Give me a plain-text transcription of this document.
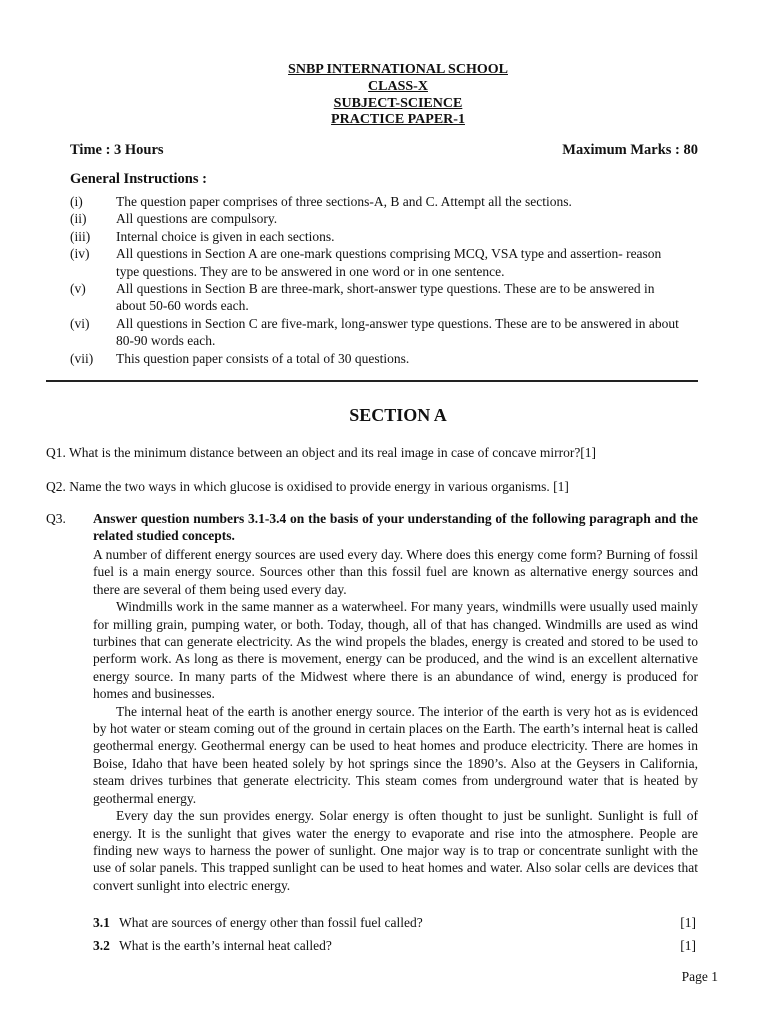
SNBP INTERNATIONAL SCHOOL
CLASS-X
SUBJECT-SCIENCE
PRACTICE PAPER-1
Time : 3 Hours	Maximum Marks : 80
General Instructions :
(i)	The question paper comprises of three sections-A, B and C. Attempt all the sections.
(ii)	All questions are compulsory.
(iii)	Internal choice is given in each sections.
(iv)	All questions in Section A are one-mark questions comprising MCQ, VSA type and assertion- reason type questions. They are to be answered in one word or in one sentence.
(v)	All questions in Section B are three-mark, short-answer type questions. These are to be answered in about 50-60 words each.
(vi)	All questions in Section C are five-mark, long-answer type questions. These are to be answered in about 80-90 words each.
(vii)	This question paper consists of a total of 30 questions.
SECTION A
Q1. What is the minimum distance between an object and its real image in case of concave mirror?[1]
Q2. Name the two ways in which glucose is oxidised to provide energy in various organisms. [1]
Q3. Answer question numbers 3.1-3.4 on the basis of your understanding of the following paragraph and the related studied concepts.

A number of different energy sources are used every day. Where does this energy come form? Burning of fossil fuel is a main energy source. Sources other than this fossil fuel are known as alternative energy sources and there are several of them being used every day.

Windmills work in the same manner as a waterwheel. For many years, windmills were usually used mainly for milling grain, pumping water, or both. Today, though, all of that has changed. Windmills are used as wind turbines that can generate electricity. As the wind propels the blades, energy is created and stored to be used to perform work. As long as there is movement, energy can be produced, and the wind is an excellent alternative energy source. In many parts of the Midwest where there is an abundance of wind, energy is produced for homes and businesses.

The internal heat of the earth is another energy source. The interior of the earth is very hot as is evidenced by hot water or steam coming out of the ground in certain places on the Earth. The earth’s internal heat is called geothermal energy. Geothermal energy can be used to heat homes and produce electricity. There are homes in Boise, Idaho that have been heated solely by hot springs since the 1890’s. Also at the Geysers in California, steam drives turbines that generate electricity. This steam comes from underground water that is heated by geothermal energy.

Every day the sun provides energy. Solar energy is often thought to just be sunlight. Sunlight is full of energy. It is the sunlight that gives water the energy to evaporate and rise into the atmosphere. People are finding new ways to harness the power of sunlight. One major way is to trap or concentrate sunlight with the use of solar panels. This trapped sunlight can be used to heat homes and water. Also solar cells are devices that convert sunlight into electric energy.

3.1 What are sources of energy other than fossil fuel called?	[1]
3.2 What is the earth’s internal heat called?	[1]
Page 1
